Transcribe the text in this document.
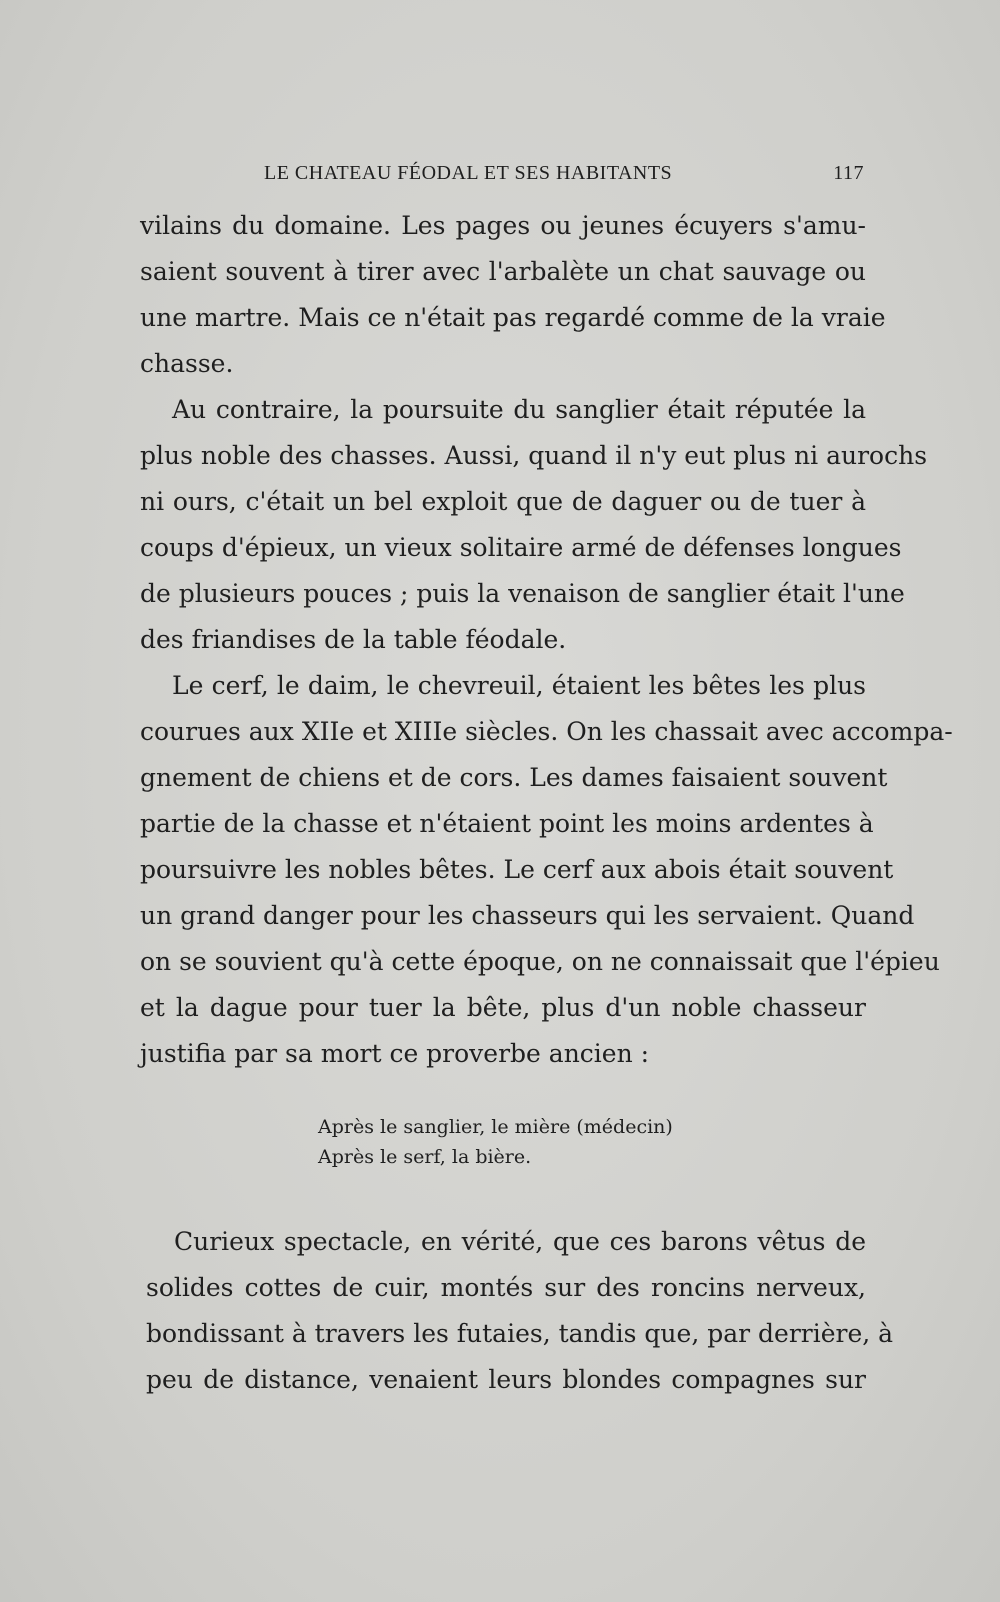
LE CHATEAU FÉODAL ET SES HABITANTS	117
vilains du domaine. Les pages ou jeunes écuyers s'amu-
saient souvent à tirer avec l'arbalète un chat sauvage ou
une martre. Mais ce n'était pas regardé comme de la vraie
chasse.
Au contraire, la poursuite du sanglier était réputée la
plus noble des chasses. Aussi, quand il n'y eut plus ni aurochs
ni ours, c'était un bel exploit que de daguer ou de tuer à
coups d'épieux, un vieux solitaire armé de défenses longues
de plusieurs pouces ; puis la venaison de sanglier était l'une
des friandises de la table féodale.
Le cerf, le daim, le chevreuil, étaient les bêtes les plus
courues aux XIIe et XIIIe siècles. On les chassait avec accompa-
gnement de chiens et de cors. Les dames faisaient souvent
partie de la chasse et n'étaient point les moins ardentes à
poursuivre les nobles bêtes. Le cerf aux abois était souvent
un grand danger pour les chasseurs qui les servaient. Quand
on se souvient qu'à cette époque, on ne connaissait que l'épieu
et la dague pour tuer la bête, plus d'un noble chasseur
justifia par sa mort ce proverbe ancien :
Après le sanglier, le mière (médecin)
Après le serf, la bière.
Curieux spectacle, en vérité, que ces barons vêtus de
solides cottes de cuir, montés sur des roncins nerveux,
bondissant à travers les futaies, tandis que, par derrière, à
peu de distance, venaient leurs blondes compagnes sur
